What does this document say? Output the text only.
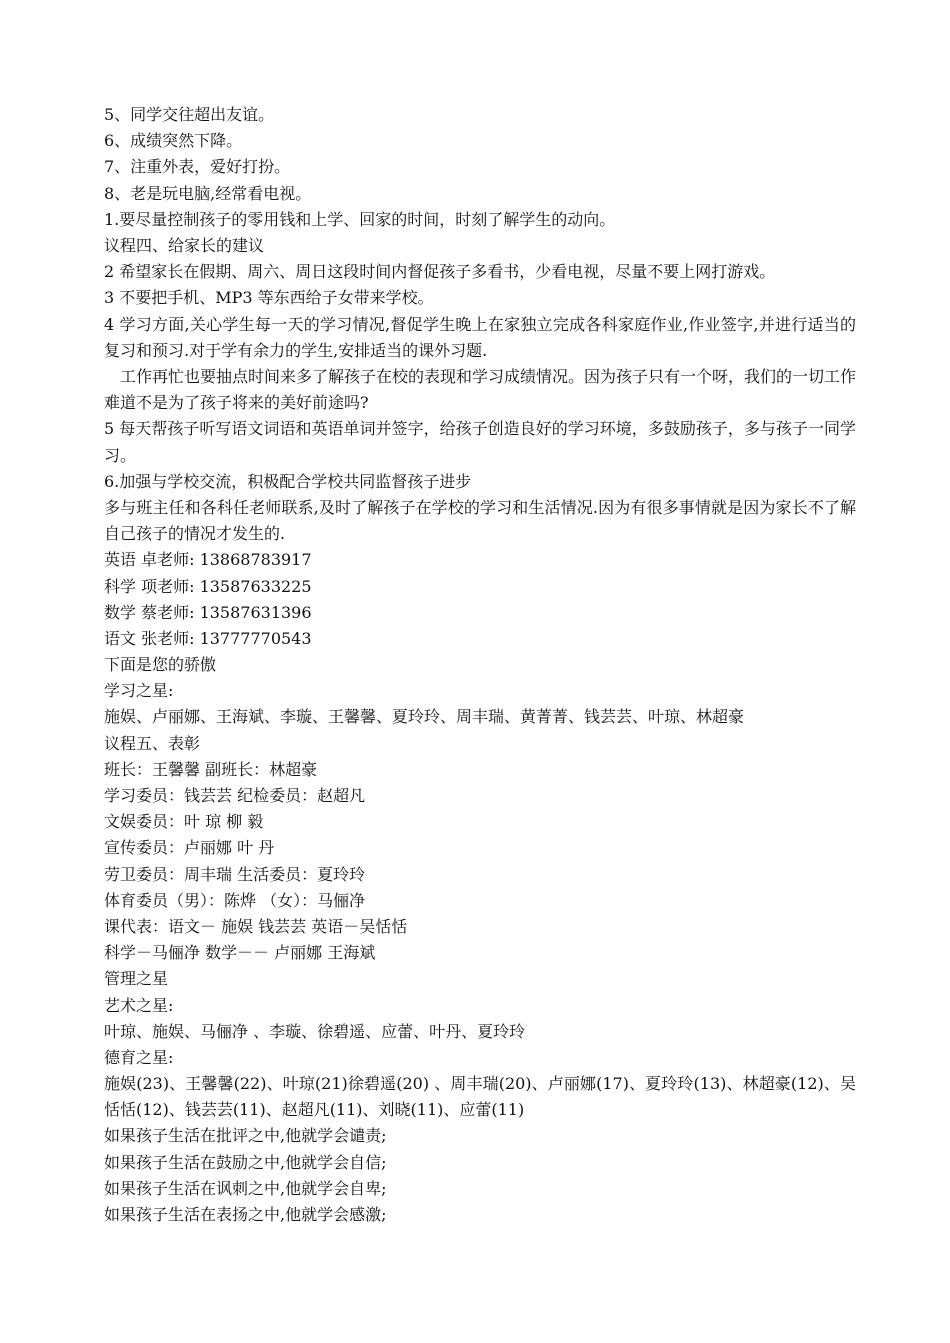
5、同学交往超出友谊。
6、成绩突然下降。
7、注重外表，爱好打扮。
8、老是玩电脑,经常看电视。
1.要尽量控制孩子的零用钱和上学、回家的时间，时刻了解学生的动向。
议程四、给家长的建议
2 希望家长在假期、周六、周日这段时间内督促孩子多看书，少看电视，尽量不要上网打游戏。
3 不要把手机、MP3 等东西给子女带来学校。
4 学习方面,关心学生每一天的学习情况,督促学生晚上在家独立完成各科家庭作业,作业签字,并进行适当的复习和预习.对于学有余力的学生,安排适当的课外习题.
工作再忙也要抽点时间来多了解孩子在校的表现和学习成绩情况。因为孩子只有一个呀，我们的一切工作难道不是为了孩子将来的美好前途吗?
5 每天帮孩子听写语文词语和英语单词并签字，给孩子创造良好的学习环境，多鼓励孩子，多与孩子一同学习。
6.加强与学校交流，积极配合学校共同监督孩子进步
多与班主任和各科任老师联系,及时了解孩子在学校的学习和生活情况.因为有很多事情就是因为家长不了解自己孩子的情况才发生的.
英语 卓老师: 13868783917
科学 项老师: 13587633225
数学 蔡老师: 13587631396
语文 张老师: 13777770543
下面是您的骄傲
学习之星:
施娱、卢丽娜、王海斌、李璇、王馨馨、夏玲玲、周丰瑞、黄菁菁、钱芸芸、叶琼、林超豪
议程五、表彰
班长：王馨馨 副班长：林超豪
学习委员：钱芸芸 纪检委员：赵超凡
文娱委员：叶 琼 柳 毅
宣传委员：卢丽娜 叶 丹
劳卫委员：周丰瑞 生活委员：夏玲玲
体育委员（男）：陈烨 （女）：马俪净
课代表：语文－ 施娱 钱芸芸 英语－吴恬恬
科学－马俪净 数学－－ 卢丽娜 王海斌
管理之星
艺术之星:
叶琼、施娱、马俪净 、李璇、徐碧遥、应蕾、叶丹、夏玲玲
德育之星:
施娱(23)、王馨馨(22)、叶琼(21)徐碧遥(20) 、周丰瑞(20)、卢丽娜(17)、夏玲玲(13)、林超豪(12)、吴恬恬(12)、钱芸芸(11)、赵超凡(11)、刘晓(11)、应蕾(11)
如果孩子生活在批评之中,他就学会谴责;
如果孩子生活在鼓励之中,他就学会自信;
如果孩子生活在讽刺之中,他就学会自卑;
如果孩子生活在表扬之中,他就学会感激;
